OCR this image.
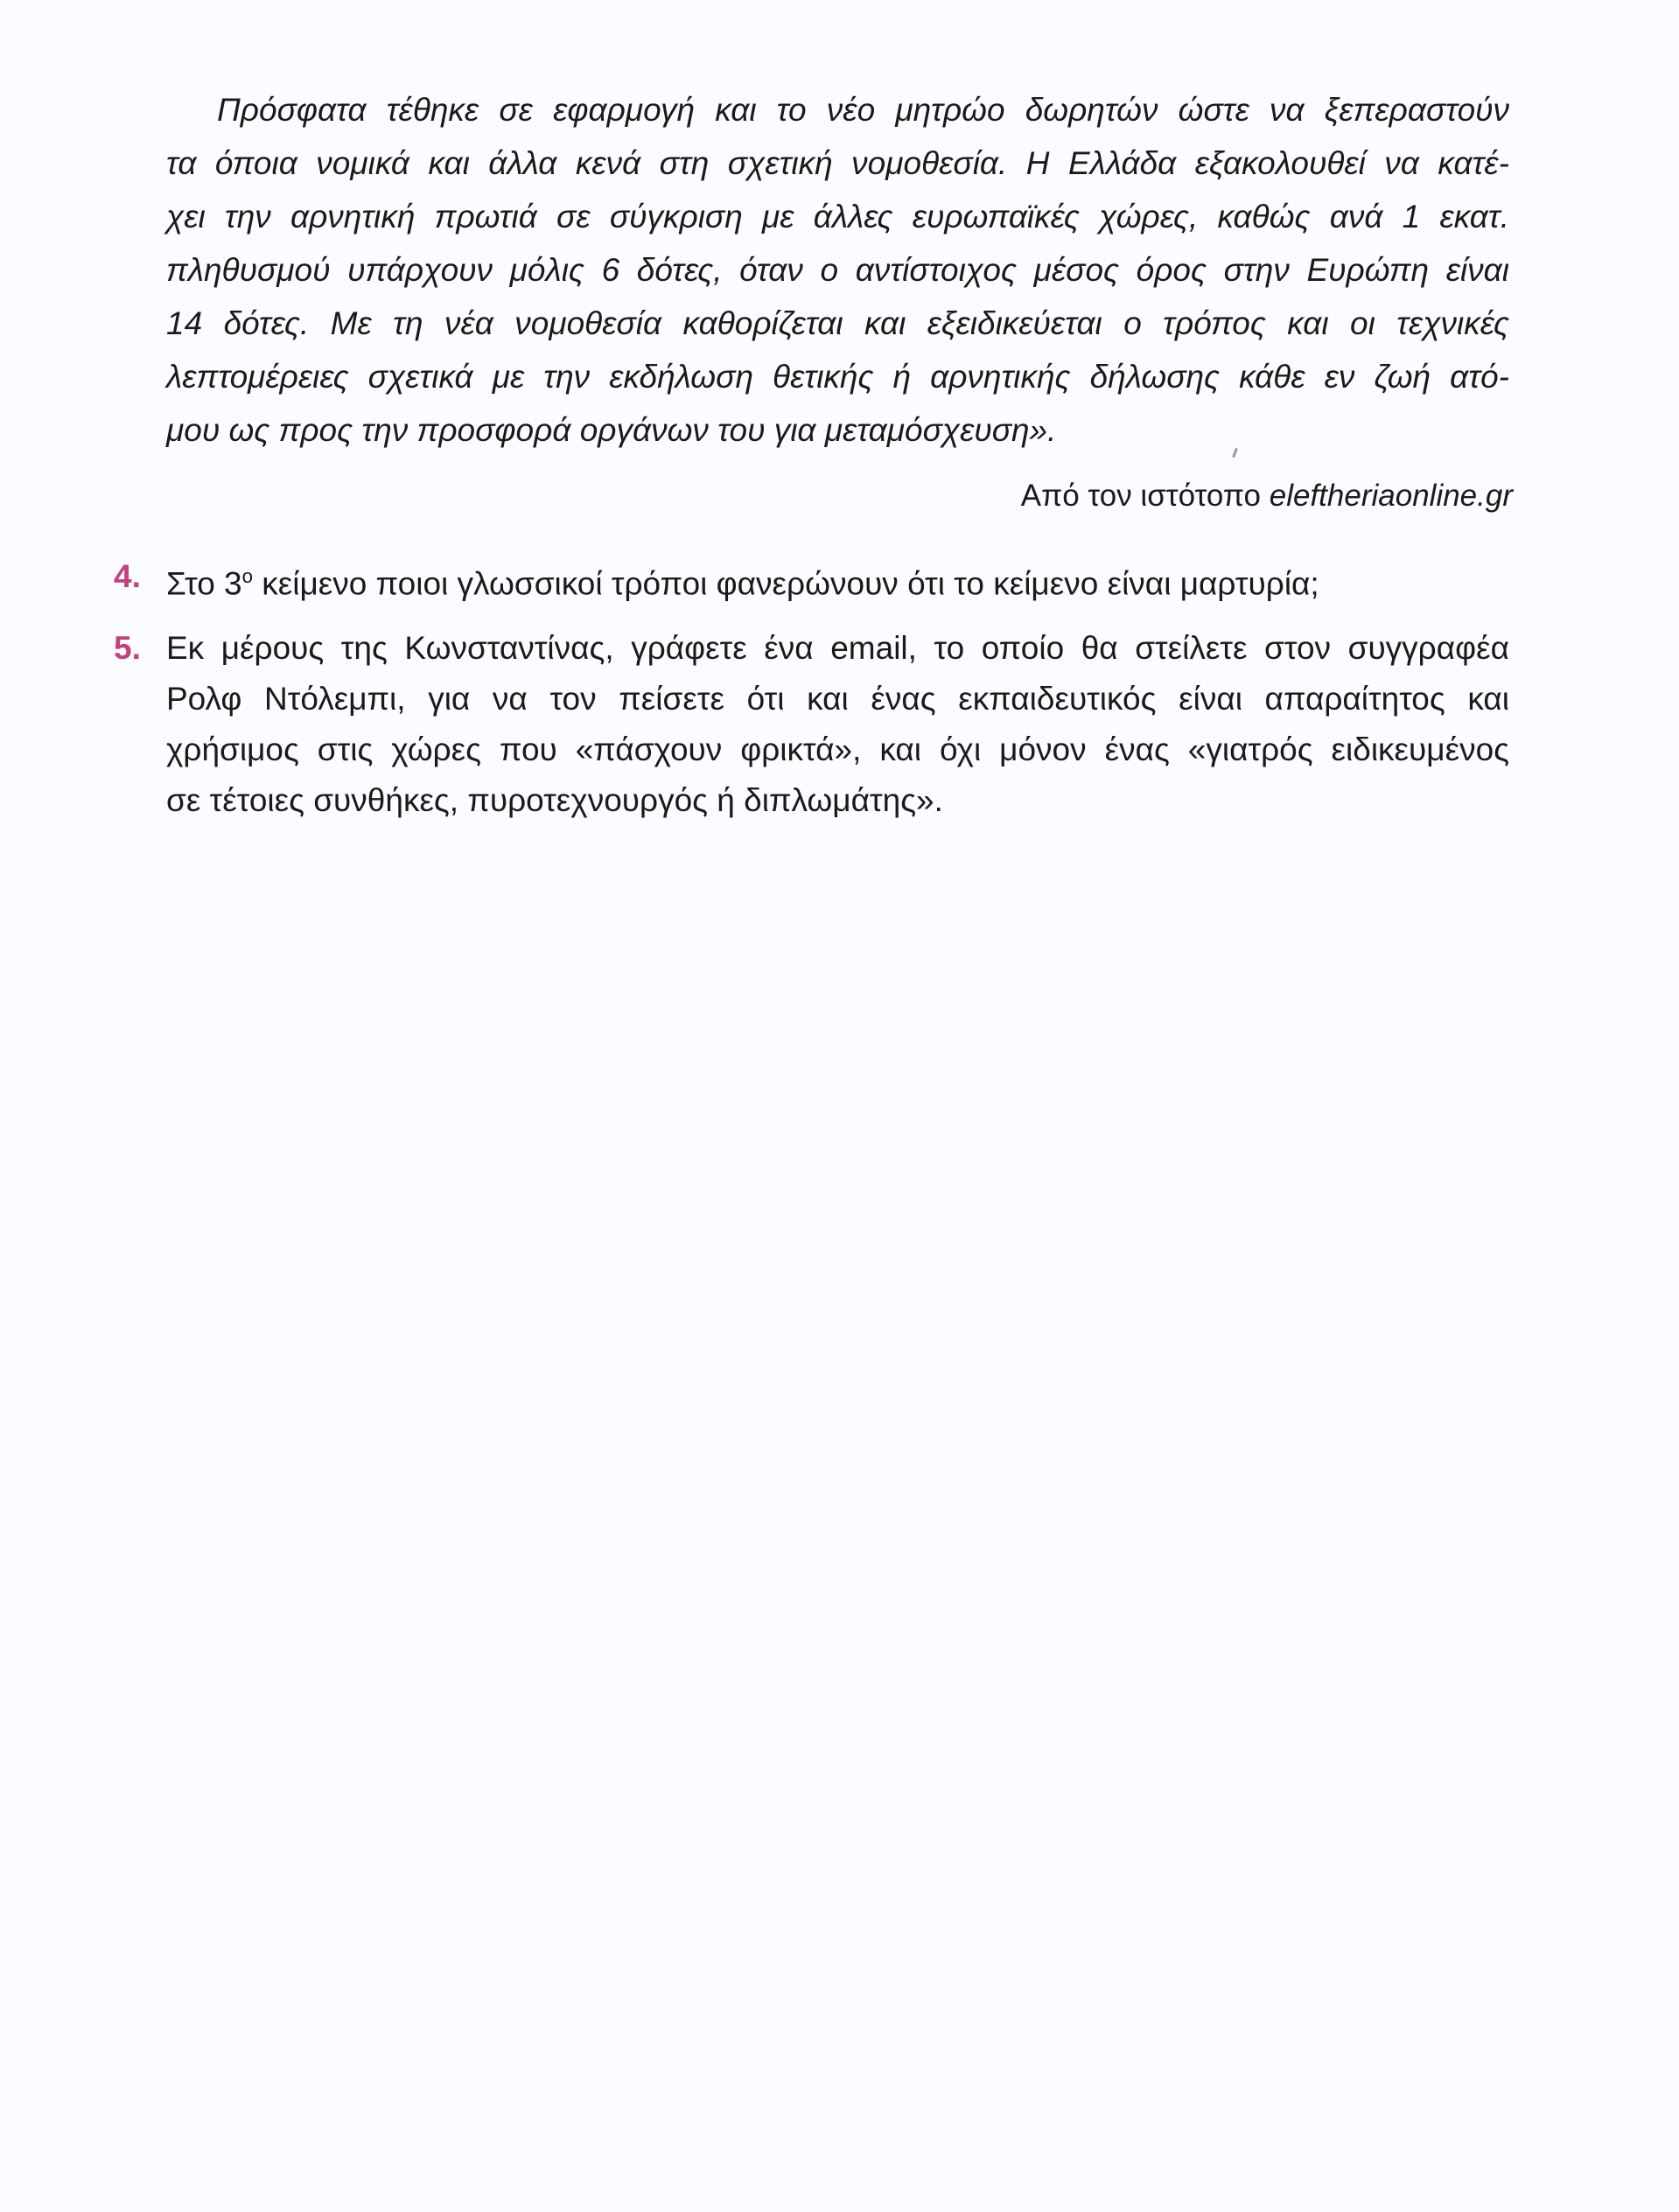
Πρόσφατα τέθηκε σε εφαρμογή και το νέο μητρώο δωρητών ώστε να ξεπεραστούν
τα όποια νομικά και άλλα κενά στη σχετική νομοθεσία. Η Ελλάδα εξακολουθεί να κατέ-
χει την αρνητική πρωτιά σε σύγκριση με άλλες ευρωπαϊκές χώρες, καθώς ανά 1 εκατ.
πληθυσμού υπάρχουν μόλις 6 δότες, όταν ο αντίστοιχος μέσος όρος στην Ευρώπη είναι
14 δότες. Με τη νέα νομοθεσία καθορίζεται και εξειδικεύεται ο τρόπος και οι τεχνικές
λεπτομέρειες σχετικά με την εκδήλωση θετικής ή αρνητικής δήλωσης κάθε εν ζωή ατό-
μου ως προς την προσφορά οργάνων του για μεταμόσχευση».
Από τον ιστότοπο eleftheriaonline.gr
4. Στο $3^o$ κείμενο ποιοι γλωσσικοί τρόποι φανερώνουν ότι το κείμενο είναι μαρτυρία;
5. Εκ μέρους της Κωνσταντίνας, γράφετε ένα email, το οποίο θα στείλετε στον συγγραφέα
Ρολφ Ντόλεμπι, για να τον πείσετε ότι και ένας εκπαιδευτικός είναι απαραίτητος και
χρήσιμος στις χώρες που «πάσχουν φρικτά», και όχι μόνον ένας «γιατρός ειδικευμένος
σε τέτοιες συνθήκες, πυροτεχνουργός ή διπλωμάτης».
